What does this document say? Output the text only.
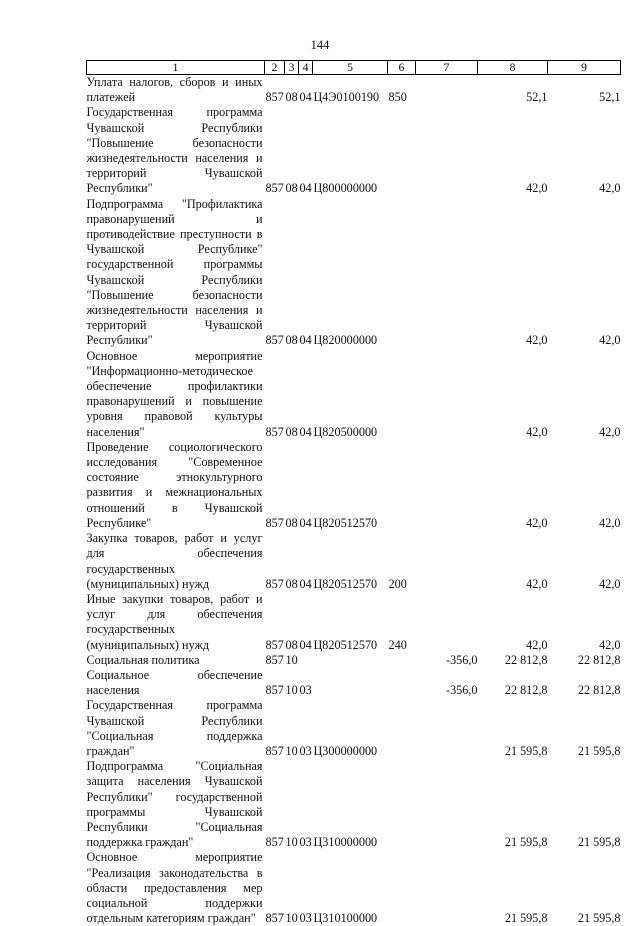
144
1	2	3	4	5	6	7	8	9
Уплата налогов, сборов и иных платежей	857	08	04	Ц4Э0100190	850		52,1	52,1
Государственная программа Чувашской Республики "Повышение безопасности жизнедеятельности населения и территорий Чувашской Республики"	857	08	04	Ц800000000			42,0	42,0
Подпрограмма "Профилактика правонарушений и противодействие преступности в Чувашской Республике" государственной программы Чувашской Республики "Повышение безопасности жизнедеятельности населения и территорий Чувашской Республики"	857	08	04	Ц820000000			42,0	42,0
Основное мероприятие "Информационно-методическое обеспечение профилактики правонарушений и повышение уровня правовой культуры населения"	857	08	04	Ц820500000			42,0	42,0
Проведение социологического исследования "Современное состояние этнокультурного развития и межнациональных отношений в Чувашской Республике"	857	08	04	Ц820512570			42,0	42,0
Закупка товаров, работ и услуг для обеспечения государственных (муниципальных) нужд	857	08	04	Ц820512570	200		42,0	42,0
Иные закупки товаров, работ и услуг для обеспечения государственных (муниципальных) нужд	857	08	04	Ц820512570	240		42,0	42,0
Социальная политика	857	10				-356,0	22 812,8	22 812,8
Социальное обеспечение населения	857	10	03			-356,0	22 812,8	22 812,8
Государственная программа Чувашской Республики "Социальная поддержка граждан"	857	10	03	Ц300000000			21 595,8	21 595,8
Подпрограмма "Социальная защита населения Чувашской Республики" государственной программы Чувашской Республики "Социальная поддержка граждан"	857	10	03	Ц310000000			21 595,8	21 595,8
Основное мероприятие "Реализация законодательства в области предоставления мер социальной поддержки отдельным категориям граждан"	857	10	03	Ц310100000			21 595,8	21 595,8
